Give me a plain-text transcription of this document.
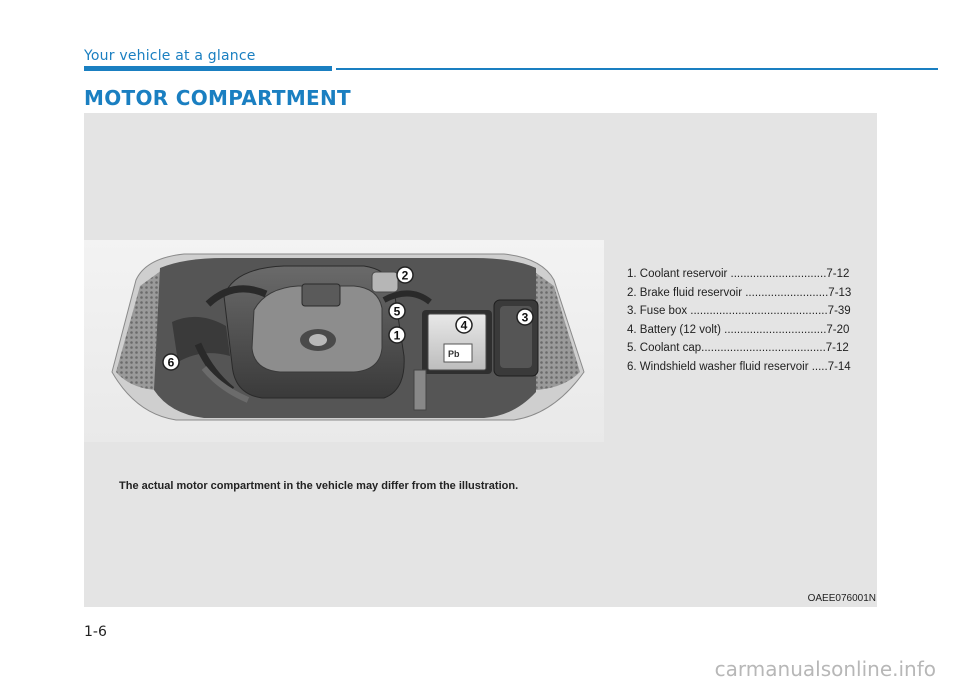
Your vehicle at a glance
MOTOR COMPARTMENT
Pb
1
2
3
4
5
6
1. Coolant reservoir ..............................7-12
2. Brake fluid reservoir ..........................7-13
3. Fuse box ...........................................7-39
4. Battery (12 volt) ................................7-20
5. Coolant cap.......................................7-12
6. Windshield washer fluid reservoir .....7-14
The actual motor compartment in the vehicle may differ from the illustration.
OAEE076001N
1-6
carmanualsonline.info
